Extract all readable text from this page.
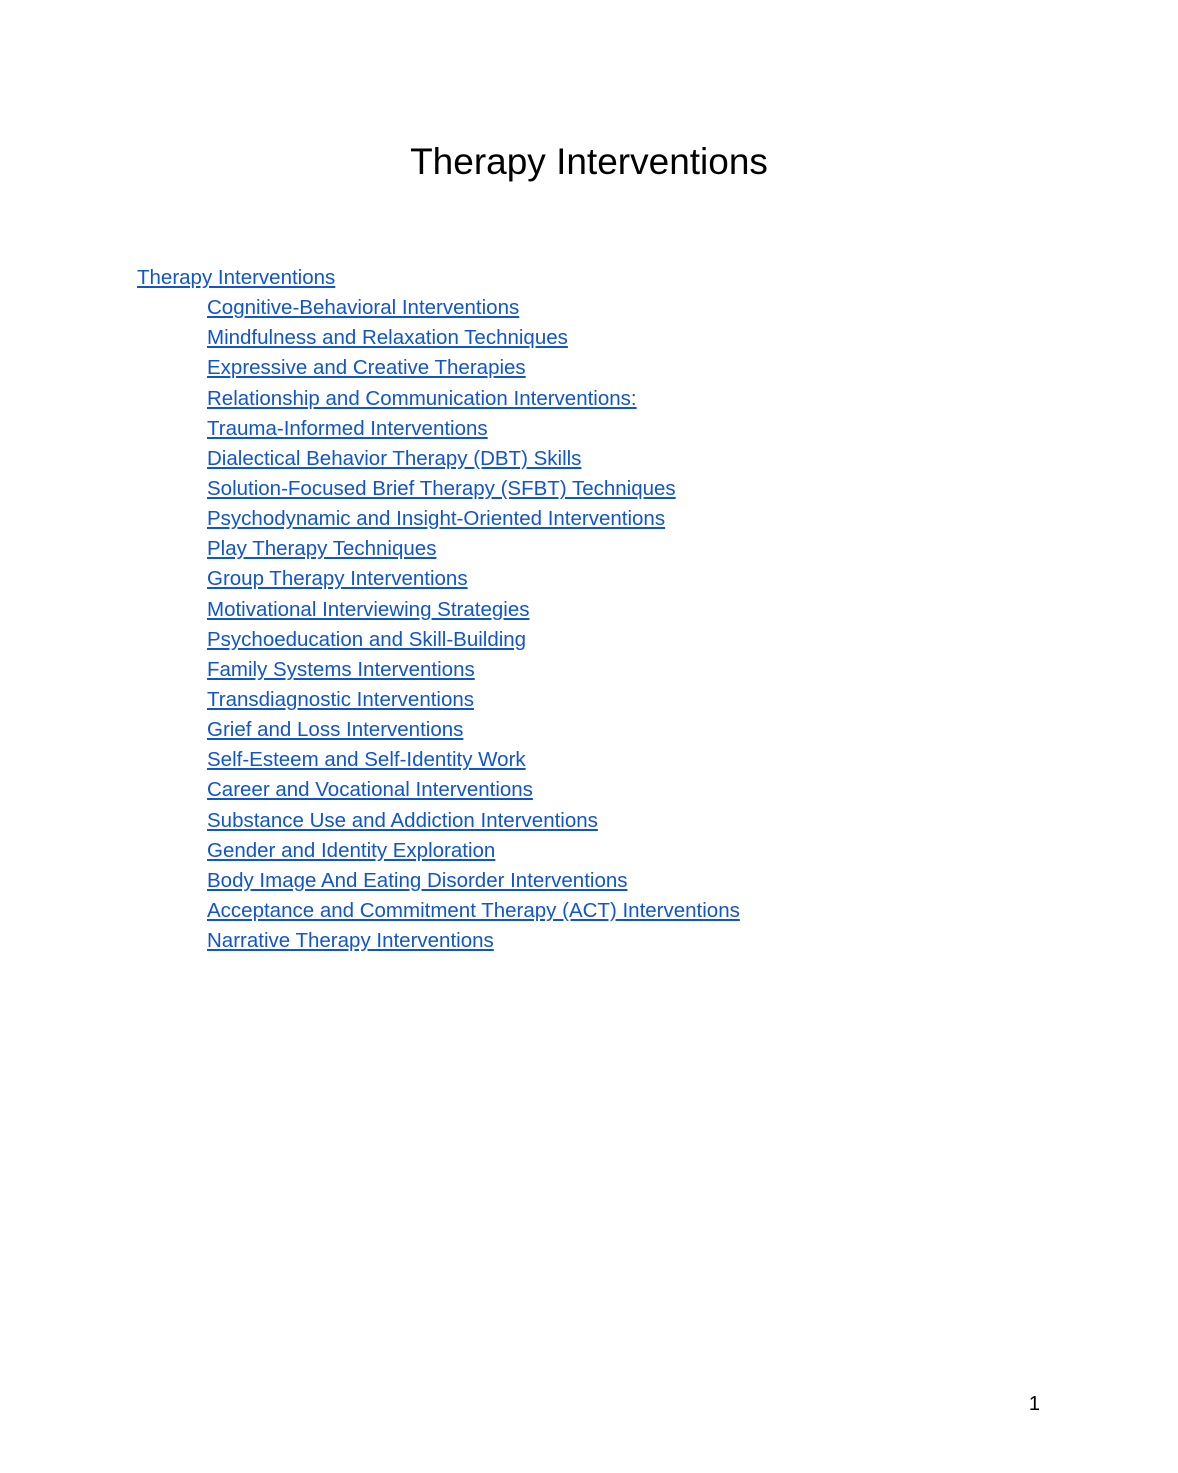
Therapy Interventions
Therapy Interventions
Cognitive-Behavioral Interventions
Mindfulness and Relaxation Techniques
Expressive and Creative Therapies
Relationship and Communication Interventions:
Trauma-Informed Interventions
Dialectical Behavior Therapy (DBT) Skills
Solution-Focused Brief Therapy (SFBT) Techniques
Psychodynamic and Insight-Oriented Interventions
Play Therapy Techniques
Group Therapy Interventions
Motivational Interviewing Strategies
Psychoeducation and Skill-Building
Family Systems Interventions
Transdiagnostic Interventions
Grief and Loss Interventions
Self-Esteem and Self-Identity Work
Career and Vocational Interventions
Substance Use and Addiction Interventions
Gender and Identity Exploration
Body Image And Eating Disorder Interventions
Acceptance and Commitment Therapy (ACT) Interventions
Narrative Therapy Interventions
1
